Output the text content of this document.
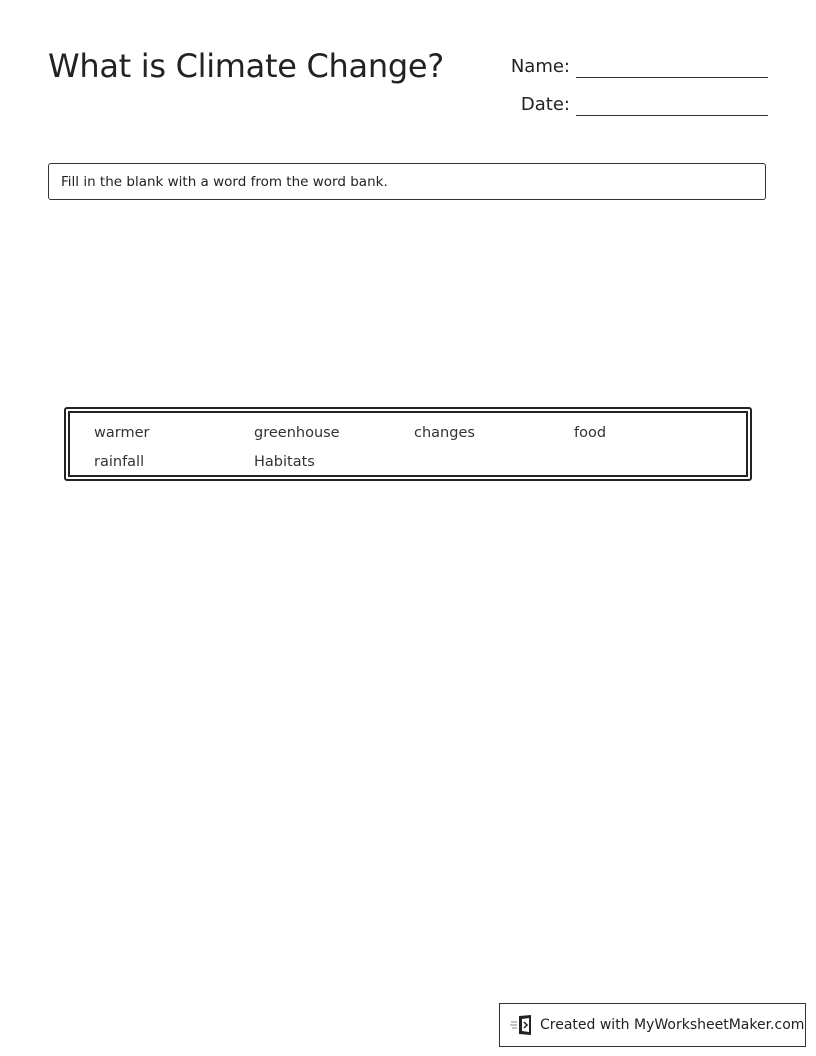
What is Climate Change?	Name:
Date:
Fill in the blank with a word from the word bank.
warmer	greenhouse	changes	food
rainfall	Habitats
Created with MyWorksheetMaker.com
